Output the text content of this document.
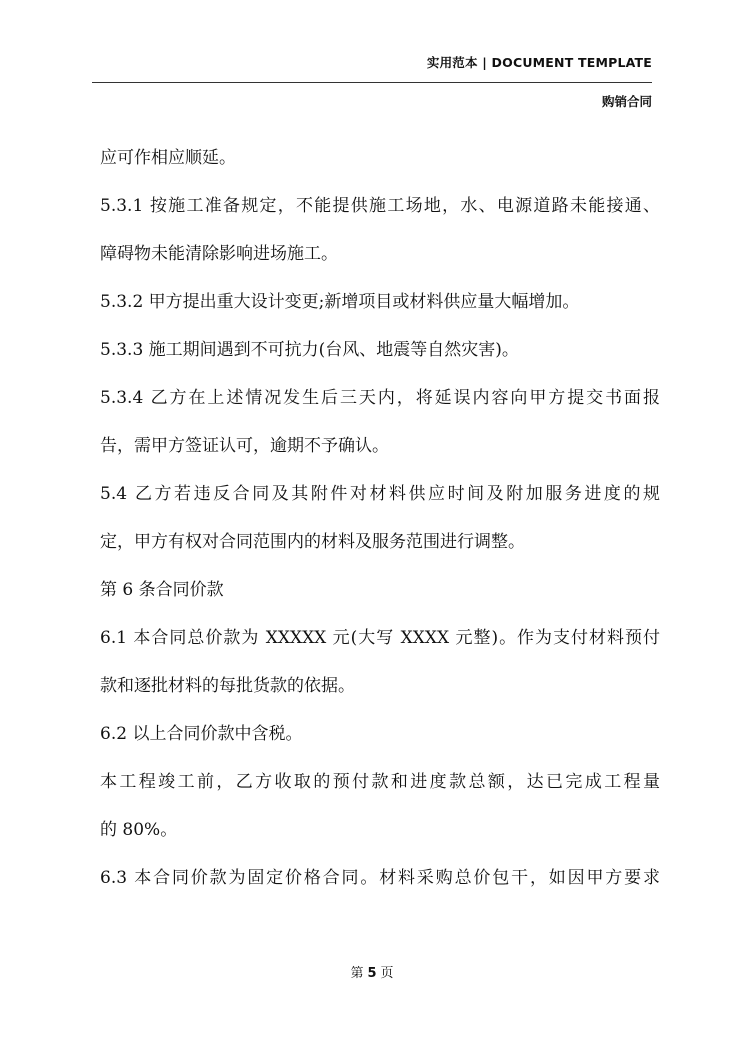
实用范本 | DOCUMENT TEMPLATE
购销合同
应可作相应顺延。
5.3.1 按施工准备规定，不能提供施工场地，水、电源道路未能接通、
障碍物未能清除影响进场施工。
5.3.2 甲方提出重大设计变更;新增项目或材料供应量大幅增加。
5.3.3 施工期间遇到不可抗力(台风、地震等自然灾害)。
5.3.4 乙方在上述情况发生后三天内，将延误内容向甲方提交书面报
告，需甲方签证认可，逾期不予确认。
5.4 乙方若违反合同及其附件对材料供应时间及附加服务进度的规
定，甲方有权对合同范围内的材料及服务范围进行调整。
第 6 条合同价款
6.1 本合同总价款为 XXXXX 元(大写 XXXX 元整)。作为支付材料预付
款和逐批材料的每批货款的依据。
6.2 以上合同价款中含税。
本工程竣工前，乙方收取的预付款和进度款总额，达已完成工程量
的 80%。
6.3 本合同价款为固定价格合同。材料采购总价包干，如因甲方要求
第 5 页
